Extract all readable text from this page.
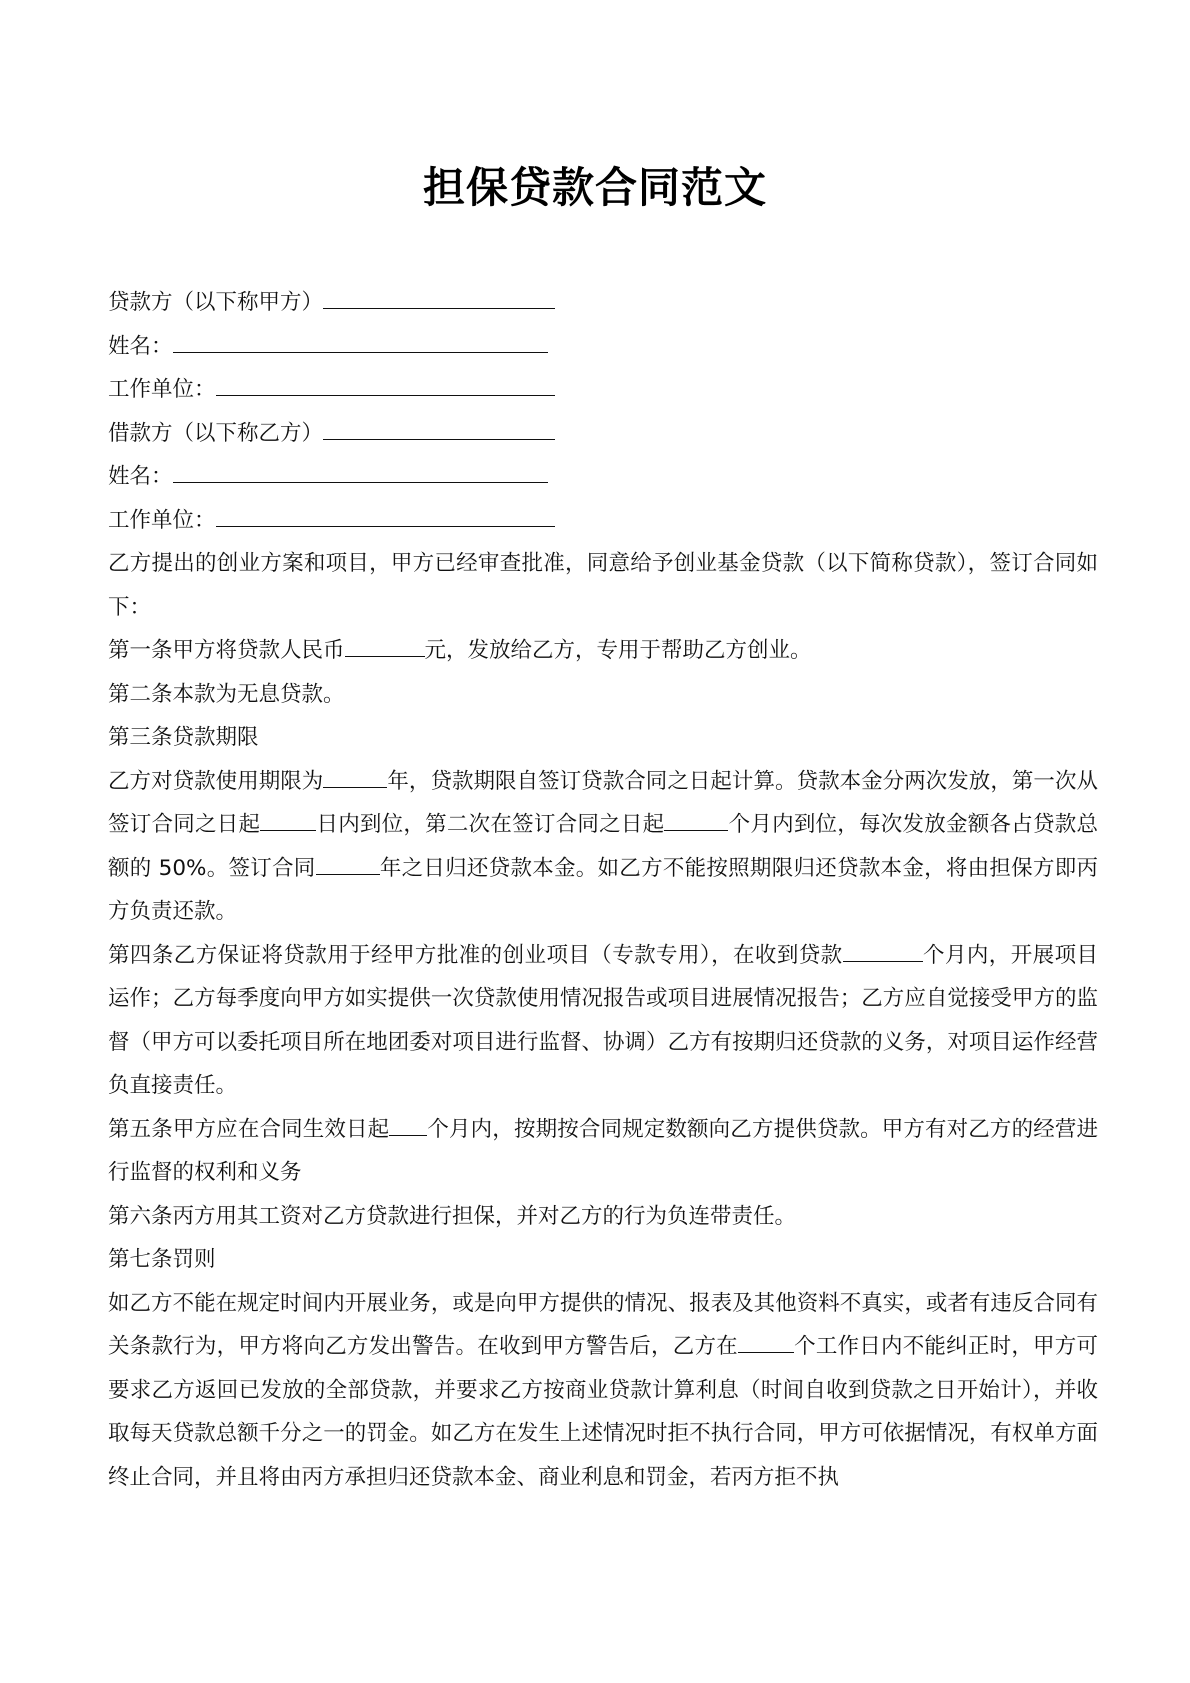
担保贷款合同范文

贷款方（以下称甲方）

姓名：

工作单位：

借款方（以下称乙方）

姓名：

工作单位：

乙方提出的创业方案和项目，甲方已经审查批准，同意给予创业基金贷款（以下简称贷款），签订合同如下：

第一条甲方将贷款人民币	元，发放给乙方，专用于帮助乙方创业。

第二条本款为无息贷款。

第三条贷款期限

乙方对贷款使用期限为	年，贷款期限自签订贷款合同之日起计算。贷款本金分两次发放，第一次从签订合同之日起	日内到位，第二次在签订合同之日起	个月内到位，每次发放金额各占贷款总额的 50%。签订合同	年之日归还贷款本金。如乙方不能按照期限归还贷款本金，将由担保方即丙方负责还款。

第四条乙方保证将贷款用于经甲方批准的创业项目（专款专用），在收到贷款	个月内，开展项目运作；乙方每季度向甲方如实提供一次贷款使用情况报告或项目进展情况报告；乙方应自觉接受甲方的监督（甲方可以委托项目所在地团委对项目进行监督、协调）乙方有按期归还贷款的义务，对项目运作经营负直接责任。

第五条甲方应在合同生效日起 个月内，按期按合同规定数额向乙方提供贷款。甲方有对乙方的经营进行监督的权利和义务

第六条丙方用其工资对乙方贷款进行担保，并对乙方的行为负连带责任。

第七条罚则

如乙方不能在规定时间内开展业务，或是向甲方提供的情况、报表及其他资料不真实，或者有违反合同有关条款行为，甲方将向乙方发出警告。在收到甲方警告后，乙方在	个工作日内不能纠正时，甲方可要求乙方返回已发放的全部贷款，并要求乙方按商业贷款计算利息（时间自收到贷款之日开始计），并收取每天贷款总额千分之一的罚金。如乙方在发生上述情况时拒不执行合同，甲方可依据情况，有权单方面终止合同，并且将由丙方承担归还贷款本金、商业利息和罚金，若丙方拒不执
